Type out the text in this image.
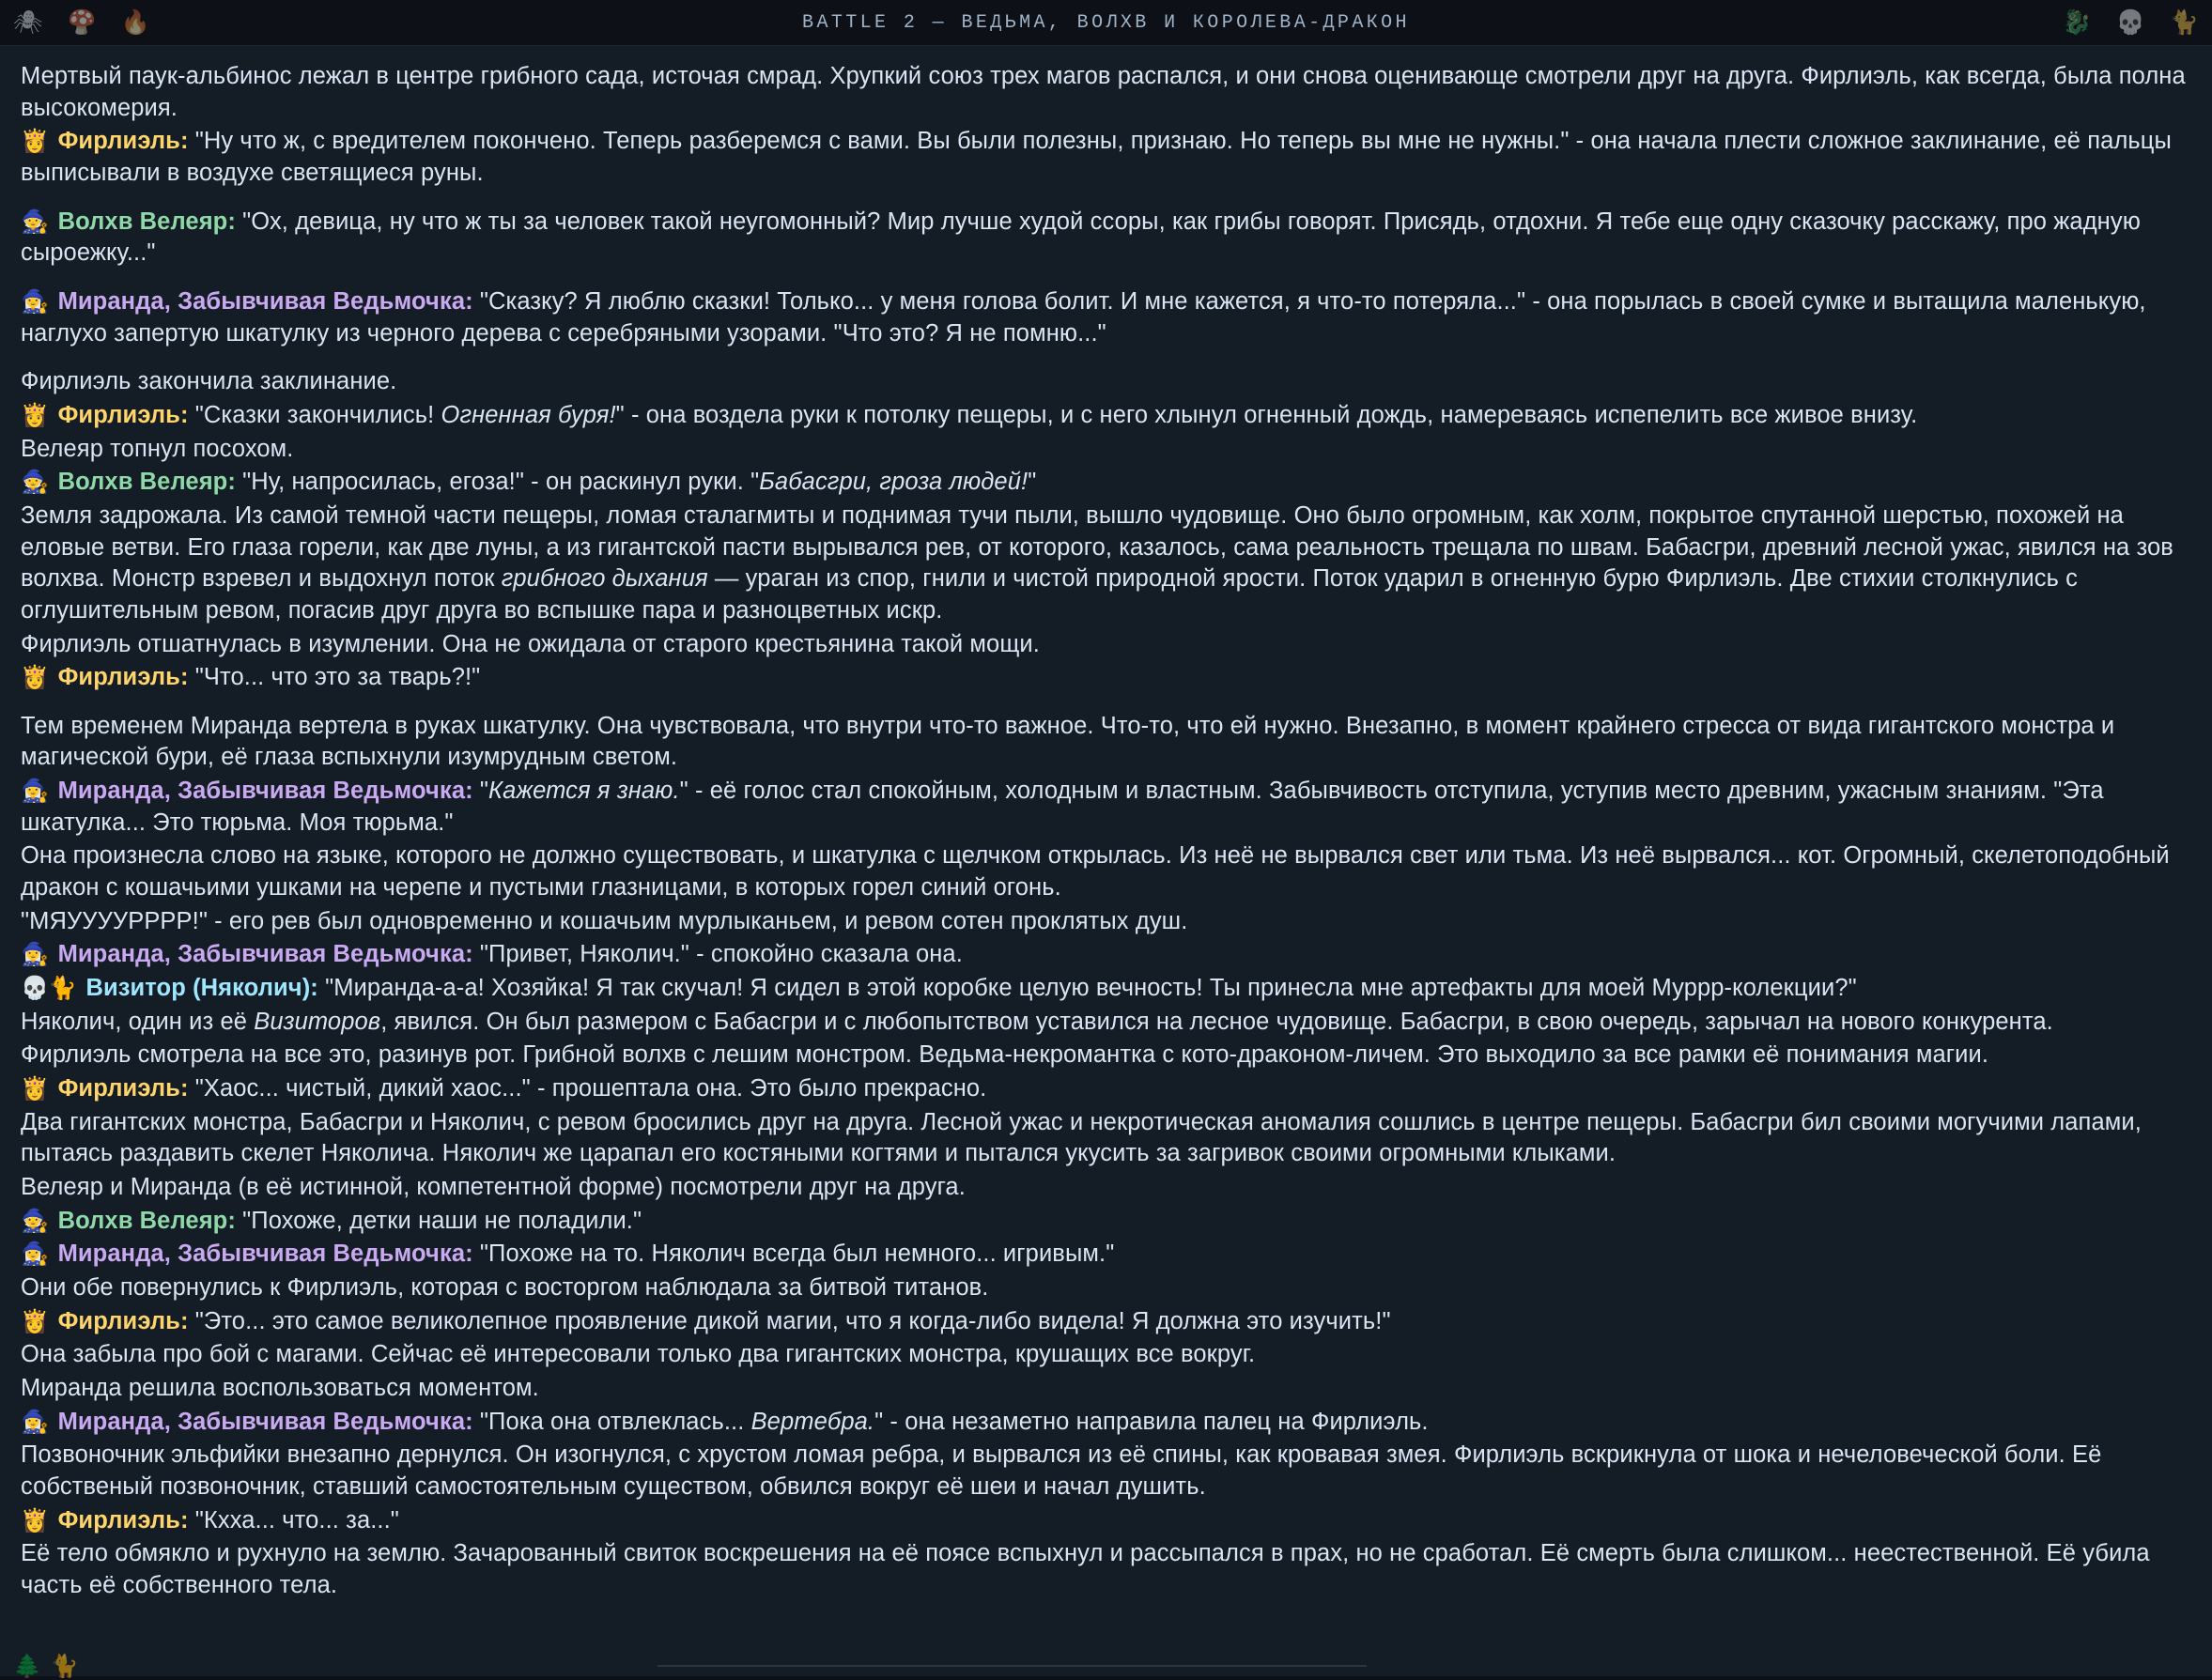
🕷 🍄 🔥	BATTLE 2 — ВЕДЬМА, ВОЛХВ И КОРОЛЕВА-ДРАКОН	🐉 💀 🐈

Мертвый паук-альбинос лежал в центре грибного сада, источая смрад. Хрупкий союз трех магов распался, и они снова оценивающе смотрели друг на друга. Фирлиэль, как всегда, была полна высокомерия.

👸 Фирлиэль: "Ну что ж, с вредителем покончено. Теперь разберемся с вами. Вы были полезны, признаю. Но теперь вы мне не нужны." - она начала плести сложное заклинание, её пальцы выписывали в воздухе светящиеся руны.

🧙 Волхв Велеяр: "Ох, девица, ну что ж ты за человек такой неугомонный? Мир лучше худой ссоры, как грибы говорят. Присядь, отдохни. Я тебе еще одну сказочку расскажу, про жадную сыроежку..."

🧙‍♀️ Миранда, Забывчивая Ведьмочка: "Сказку? Я люблю сказки! Только... у меня голова болит. И мне кажется, я что-то потеряла..." - она порылась в своей сумке и вытащила маленькую, наглухо запертую шкатулку из черного дерева с серебряными узорами. "Что это? Я не помню..."

Фирлиэль закончила заклинание.

👸 Фирлиэль: "Сказки закончились! Огненная буря!" - она воздела руки к потолку пещеры, и с него хлынул огненный дождь, намереваясь испепелить все живое внизу.

Велеяр топнул посохом.

🧙 Волхв Велеяр: "Ну, напросилась, егоза!" - он раскинул руки. "Бабасгри, гроза людей!"

Земля задрожала. Из самой темной части пещеры, ломая сталагмиты и поднимая тучи пыли, вышло чудовище. Оно было огромным, как холм, покрытое спутанной шерстью, похожей на еловые ветви. Его глаза горели, как две луны, а из гигантской пасти вырывался рев, от которого, казалось, сама реальность трещала по швам. Бабасгри, древний лесной ужас, явился на зов волхва. Монстр взревел и выдохнул поток грибного дыхания — ураган из спор, гнили и чистой природной ярости. Поток ударил в огненную бурю Фирлиэль. Две стихии столкнулись с оглушительным ревом, погасив друг друга во вспышке пара и разноцветных искр.

Фирлиэль отшатнулась в изумлении. Она не ожидала от старого крестьянина такой мощи.

👸 Фирлиэль: "Что... что это за тварь?!"

Тем временем Миранда вертела в руках шкатулку. Она чувствовала, что внутри что-то важное. Что-то, что ей нужно. Внезапно, в момент крайнего стресса от вида гигантского монстра и магической бури, её глаза вспыхнули изумрудным светом.

🧙‍♀️ Миранда, Забывчивая Ведьмочка: "Кажется я знаю." - её голос стал спокойным, холодным и властным. Забывчивость отступила, уступив место древним, ужасным знаниям. "Эта шкатулка... Это тюрьма. Моя тюрьма."

Она произнесла слово на языке, которого не должно существовать, и шкатулка с щелчком открылась. Из неё не вырвался свет или тьма. Из неё вырвался... кот. Огромный, скелетоподобный дракон с кошачьими ушками на черепе и пустыми глазницами, в которых горел синий огонь.

"МЯУУУУРРРР!" - его рев был одновременно и кошачьим мурлыканьем, и ревом сотен проклятых душ.

🧙‍♀️ Миранда, Забывчивая Ведьмочка: "Привет, Няколич." - спокойно сказала она.

💀🐈 Визитор (Няколич): "Миранда-а-а! Хозяйка! Я так скучал! Я сидел в этой коробке целую вечность! Ты принесла мне артефакты для моей Муррр-колекции?"

Няколич, один из её Визиторов, явился. Он был размером с Бабасгри и с любопытством уставился на лесное чудовище. Бабасгри, в свою очередь, зарычал на нового конкурента.

Фирлиэль смотрела на все это, разинув рот. Грибной волхв с лешим монстром. Ведьма-некромантка с кото-драконом-личем. Это выходило за все рамки её понимания магии.

👸 Фирлиэль: "Хаос... чистый, дикий хаос..." - прошептала она. Это было прекрасно.

Два гигантских монстра, Бабасгри и Няколич, с ревом бросились друг на друга. Лесной ужас и некротическая аномалия сошлись в центре пещеры. Бабасгри бил своими могучими лапами, пытаясь раздавить скелет Няколича. Няколич же царапал его костяными когтями и пытался укусить за загривок своими огромными клыками.

Велеяр и Миранда (в её истинной, компетентной форме) посмотрели друг на друга.

🧙 Волхв Велеяр: "Похоже, детки наши не поладили."

🧙‍♀️ Миранда, Забывчивая Ведьмочка: "Похоже на то. Няколич всегда был немного... игривым."

Они обе повернулись к Фирлиэль, которая с восторгом наблюдала за битвой титанов.

👸 Фирлиэль: "Это... это самое великолепное проявление дикой магии, что я когда-либо видела! Я должна это изучить!"

Она забыла про бой с магами. Сейчас её интересовали только два гигантских монстра, крушащих все вокруг.

Миранда решила воспользоваться моментом.

🧙‍♀️ Миранда, Забывчивая Ведьмочка: "Пока она отвлеклась... Вертебра." - она незаметно направила палец на Фирлиэль.

Позвоночник эльфийки внезапно дернулся. Он изогнулся, с хрустом ломая ребра, и вырвался из её спины, как кровавая змея. Фирлиэль вскрикнула от шока и нечеловеческой боли. Её собственый позвоночник, ставший самостоятельным существом, обвился вокруг её шеи и начал душить.

👸 Фирлиэль: "Кхха... что... за..."

Её тело обмякло и рухнуло на землю. Зачарованный свиток воскрешения на её поясе вспыхнул и рассыпался в прах, но не сработал. Её смерть была слишком... неестественной. Её убила часть её собственного тела.

🌲 🐈
